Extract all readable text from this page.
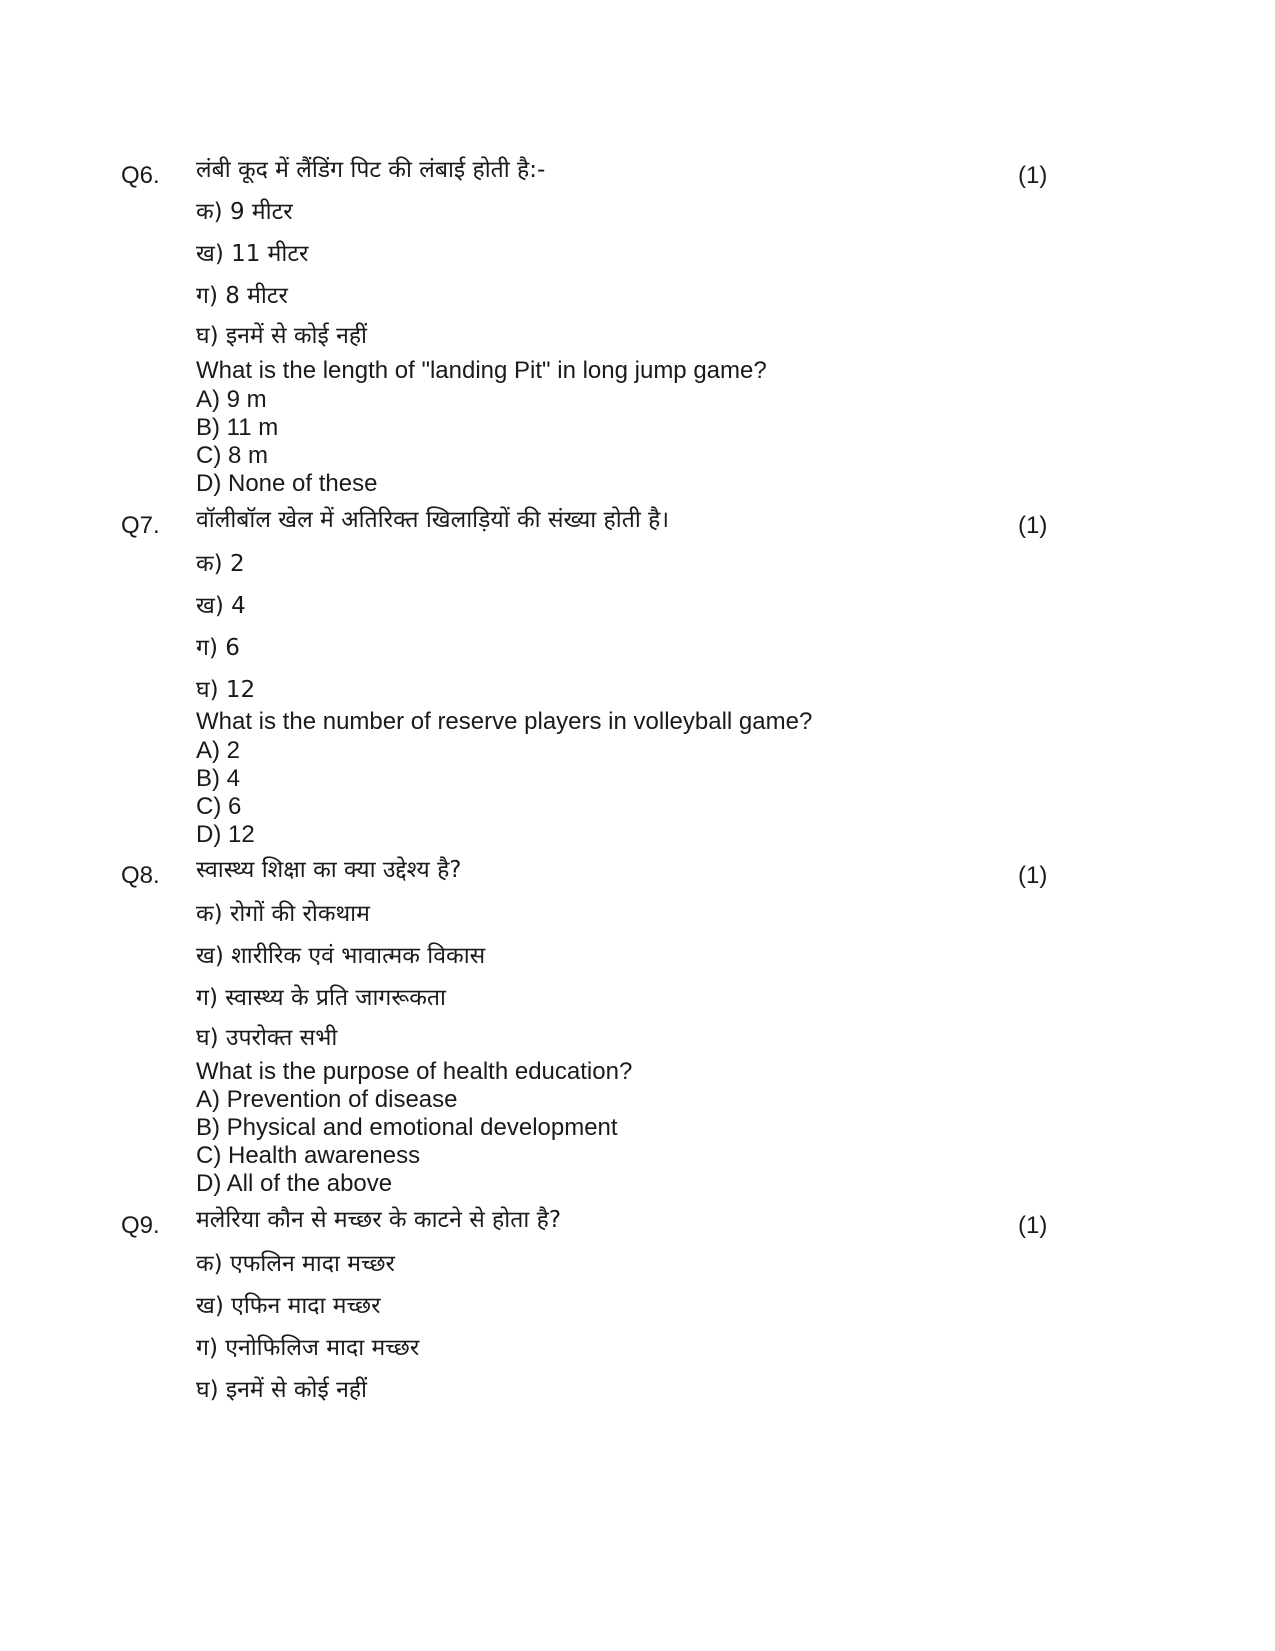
Q6. लंबी कूद में लैंडिंग पिट की लंबाई होती है:-	(1)
क) 9 मीटर
ख) 11 मीटर
ग) 8 मीटर
घ) इनमें से कोई नहीं
What is the length of "landing Pit" in long jump game?
A) 9 m
B) 11 m
C) 8 m
D) None of these
Q7. वॉलीबॉल खेल में अतिरिक्त खिलाड़ियों की संख्या होती है।	(1)
क) 2
ख) 4
ग) 6
घ) 12
What is the number of reserve players in volleyball game?
A) 2
B) 4
C) 6
D) 12
Q8. स्वास्थ्य शिक्षा का क्या उद्देश्य है?	(1)
क) रोगों की रोकथाम
ख) शारीरिक एवं भावात्मक विकास
ग) स्वास्थ्य के प्रति जागरूकता
घ) उपरोक्त सभी
What is the purpose of health education?
A) Prevention of disease
B) Physical and emotional development
C) Health awareness
D) All of the above
Q9. मलेरिया कौन से मच्छर के काटने से होता है?	(1)
क) एफलिन मादा मच्छर
ख) एफिन मादा मच्छर
ग) एनोफिलिज मादा मच्छर
घ) इनमें से कोई नहीं
